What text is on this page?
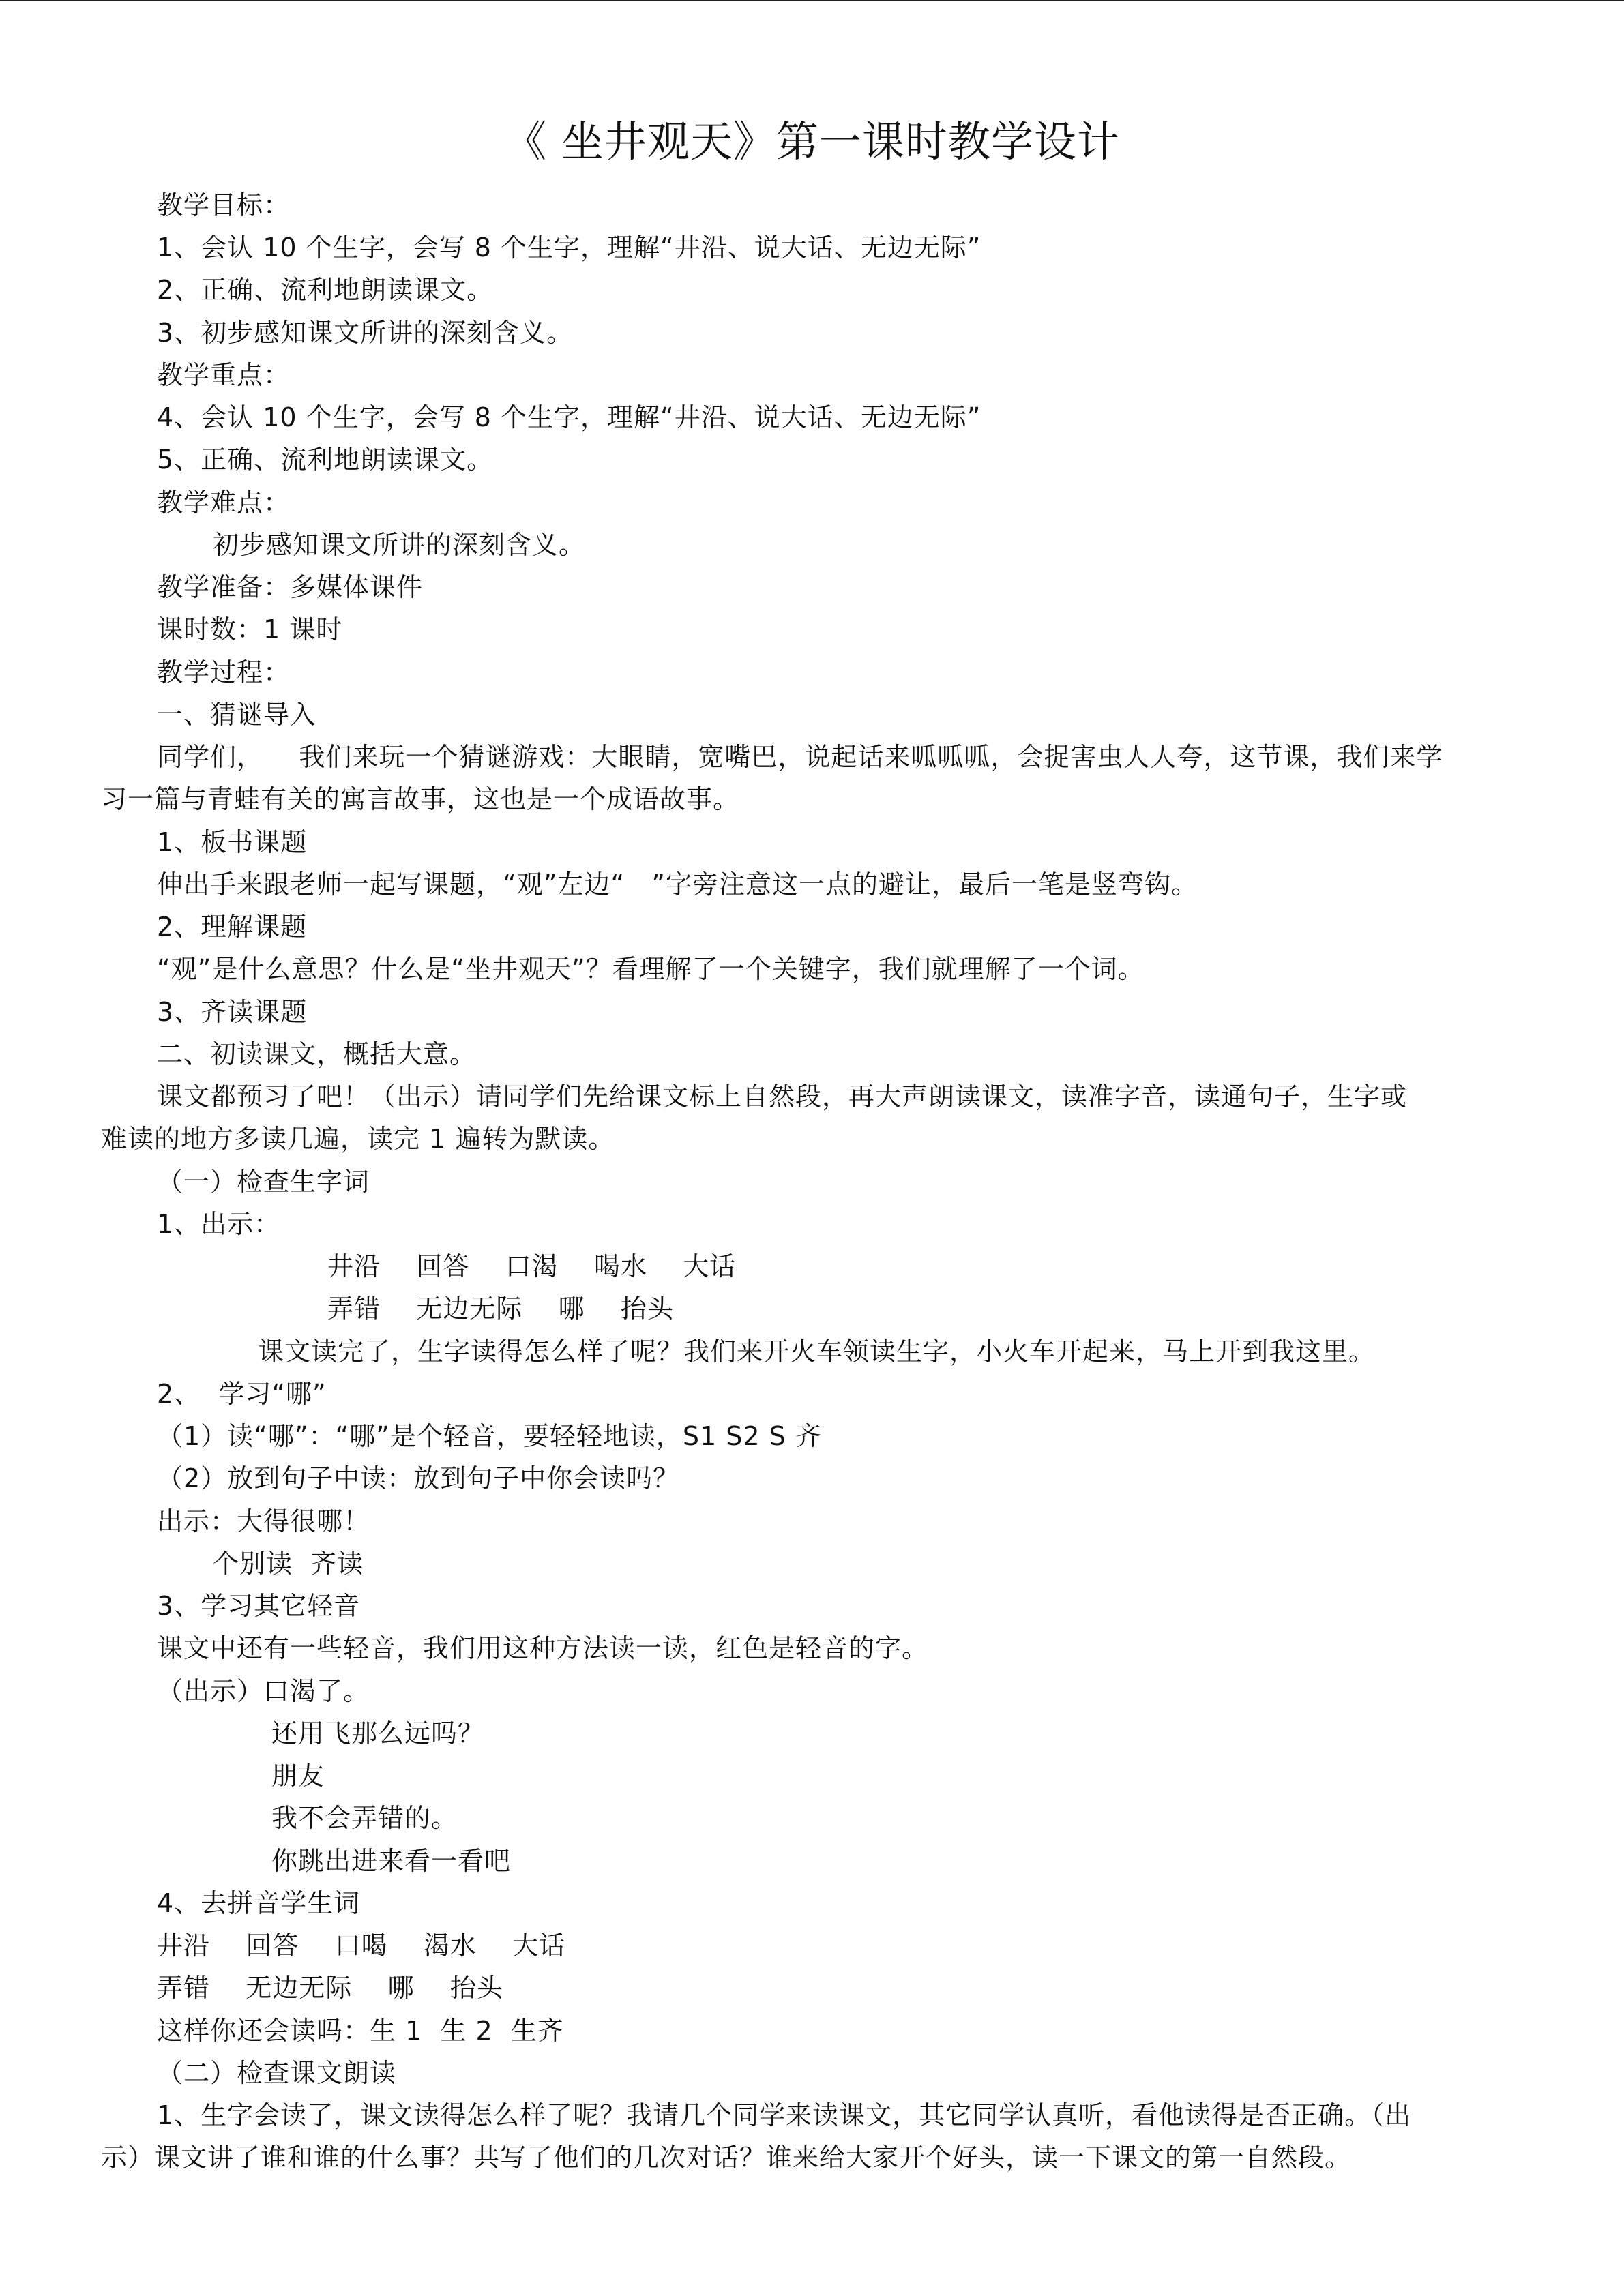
《 坐井观天》第一课时教学设计
教学目标：
1、会认 10 个生字，会写 8 个生字，理解“井沿、说大话、无边无际”
2、正确、流利地朗读课文。
3、初步感知课文所讲的深刻含义。
教学重点：
4、会认 10 个生字，会写 8 个生字，理解“井沿、说大话、无边无际”
5、正确、流利地朗读课文。
教学难点：
初步感知课文所讲的深刻含义。
教学准备：多媒体课件
课时数：1 课时
教学过程：
一、猜谜导入
同学们，    我们来玩一个猜谜游戏：大眼睛，宽嘴巴，说起话来呱呱呱，会捉害虫人人夸，这节课，我们来学
习一篇与青蛙有关的寓言故事，这也是一个成语故事。
1、板书课题
伸出手来跟老师一起写课题，“观”左边“   ”字旁注意这一点的避让，最后一笔是竖弯钩。
2、理解课题
“观”是什么意思？什么是“坐井观天”？看理解了一个关键字，我们就理解了一个词。
3、齐读课题
二、初读课文，概括大意。
课文都预习了吧！（出示）请同学们先给课文标上自然段，再大声朗读课文，读准字音，读通句子，生字或
难读的地方多读几遍，读完 1 遍转为默读。
（一）检查生字词
1、出示：
井沿    回答    口渴    喝水    大话
弄错    无边无际    哪    抬头
课文读完了，生字读得怎么样了呢？我们来开火车领读生字，小火车开起来，马上开到我这里。
2、  学习“哪”
（1）读“哪”：“哪”是个轻音，要轻轻地读，S1 S2 S 齐
（2）放到句子中读：放到句子中你会读吗？
出示：大得很哪！
个别读  齐读
3、学习其它轻音
课文中还有一些轻音，我们用这种方法读一读，红色是轻音的字。
（出示）口渴了。
还用飞那么远吗？
朋友
我不会弄错的。
你跳出进来看一看吧
4、去拼音学生词
井沿    回答    口喝    渴水    大话
弄错    无边无际    哪    抬头
这样你还会读吗：生 1  生 2  生齐
（二）检查课文朗读
1、生字会读了，课文读得怎么样了呢？我请几个同学来读课文，其它同学认真听，看他读得是否正确。（出
示）课文讲了谁和谁的什么事？共写了他们的几次对话？谁来给大家开个好头，读一下课文的第一自然段。
